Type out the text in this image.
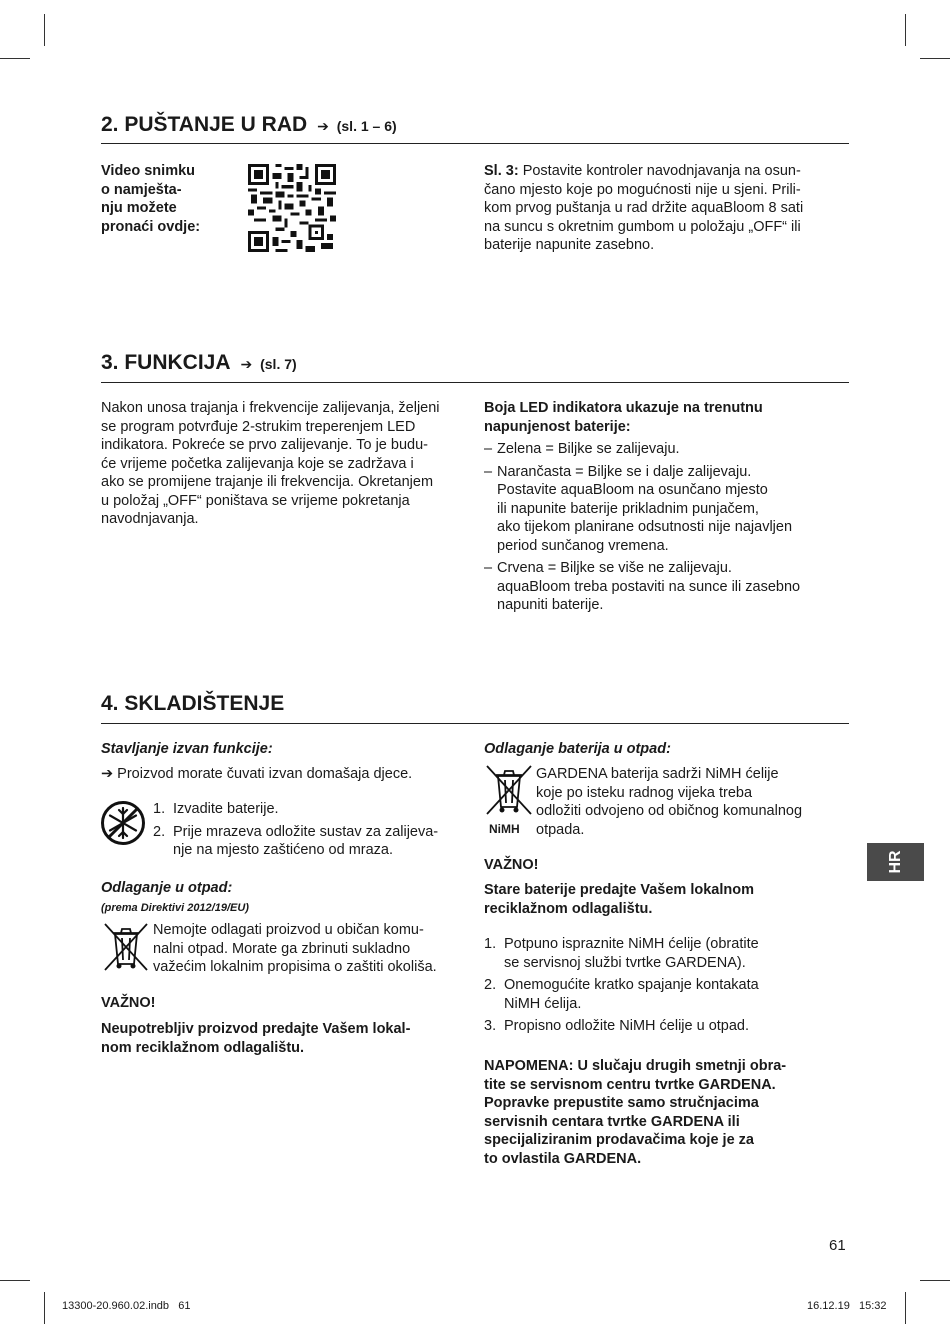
2. PUŠTANJE U RAD ➔ (sl. 1 – 6)
Video snimku
o namješta-
nju možete
pronaći ovdje:
Sl. 3: Postavite kontroler navodnjavanja na osun-
čano mjesto koje po mogućnosti nije u sjeni. Prili-
kom prvog puštanja u rad držite aquaBloom 8 sati
na suncu s okretnim gumbom u položaju „OFF“ ili
baterije napunite zasebno.
3. FUNKCIJA ➔ (sl. 7)
Nakon unosa trajanja i frekvencije zalijevanja, željeni
se program potvrđuje 2-strukim treperenjem LED
indikatora. Pokreće se prvo zalijevanje. To je budu-
će vrijeme početka zalijevanja koje se zadržava i
ako se promijene trajanje ili frekvencija. Okretanjem
u položaj „OFF“ poništava se vrijeme pokretanja
navodnjavanja.
Boja LED indikatora ukazuje na trenutnu
napunjenost baterije:
– Zelena = Biljke se zalijevaju.
– Narančasta = Biljke se i dalje zalijevaju.
Postavite aquaBloom na osunčano mjesto
ili napunite baterije prikladnim punjačem,
ako tijekom planirane odsutnosti nije najavljen
period sunčanog vremena.
– Crvena = Biljke se više ne zalijevaju.
aquaBloom treba postaviti na sunce ili zasebno
napuniti baterije.
4. SKLADIŠTENJE
Stavljanje izvan funkcije:
➔ Proizvod morate čuvati izvan domašaja djece.
1. Izvadite baterije.
2. Prije mrazeva odložite sustav za zalijeva-
nje na mjesto zaštićeno od mraza.
Odlaganje u otpad:
(prema Direktivi 2012/19/EU)
Nemojte odlagati proizvod u običan komu-
nalni otpad. Morate ga zbrinuti sukladno
važećim lokalnim propisima o zaštiti okoliša.
VAŽNO!
Neupotrebljiv proizvod predajte Vašem lokal-
nom reciklažnom odlagalištu.
Odlaganje baterija u otpad:
NiMH
GARDENA baterija sadrži NiMH ćelije
koje po isteku radnog vijeka treba
odložiti odvojeno od običnog komunalnog
otpada.
VAŽNO!
Stare baterije predajte Vašem lokalnom
reciklažnom odlagalištu.
1. Potpuno ispraznite NiMH ćelije (obratite
se servisnoj službi tvrtke GARDENA).
2. Onemogućite kratko spajanje kontakata
NiMH ćelija.
3. Propisno odložite NiMH ćelije u otpad.
NAPOMENA: U slučaju drugih smetnji obra-
tite se servisnom centru tvrtke GARDENA.
Popravke prepustite samo stručnjacima
servisnih centara tvrtke GARDENA ili
specijaliziranim prodavačima koje je za
to ovlastila GARDENA.
HR
61
13300-20.960.02.indb   61	16.12.19   15:32
